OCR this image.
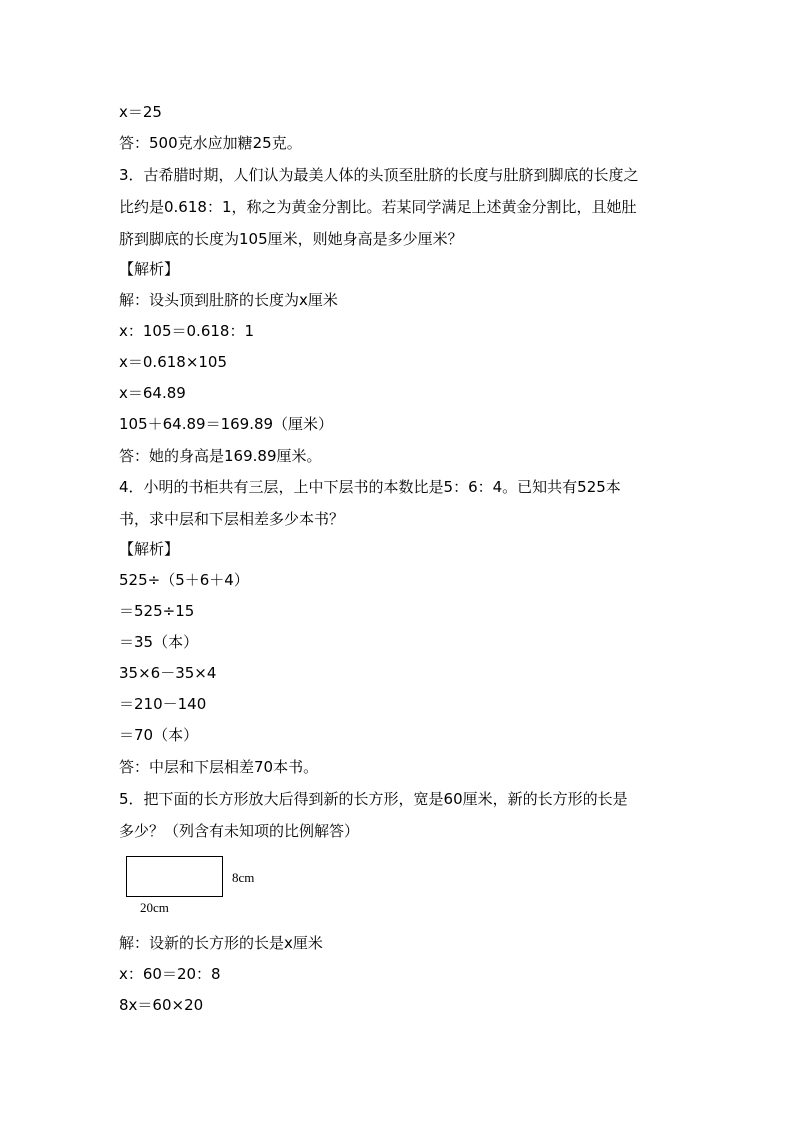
x＝25
答：500克水应加糖25克。
3．古希腊时期，人们认为最美人体的头顶至肚脐的长度与肚脐到脚底的长度之
比约是0.618：1，称之为黄金分割比。若某同学满足上述黄金分割比，且她肚
脐到脚底的长度为105厘米，则她身高是多少厘米？
【解析】
解：设头顶到肚脐的长度为x厘米
x：105＝0.618：1
x＝0.618×105
x＝64.89
105＋64.89＝169.89（厘米）
答：她的身高是169.89厘米。
4．小明的书柜共有三层，上中下层书的本数比是5：6：4。已知共有525本
书，求中层和下层相差多少本书？
【解析】
525÷（5＋6＋4）
＝525÷15
＝35（本）
35×6－35×4
＝210－140
＝70（本）
答：中层和下层相差70本书。
5．把下面的长方形放大后得到新的长方形，宽是60厘米，新的长方形的长是
多少？（列含有未知项的比例解答）
8cm
20cm
解：设新的长方形的长是x厘米
x：60＝20：8
8x＝60×20
